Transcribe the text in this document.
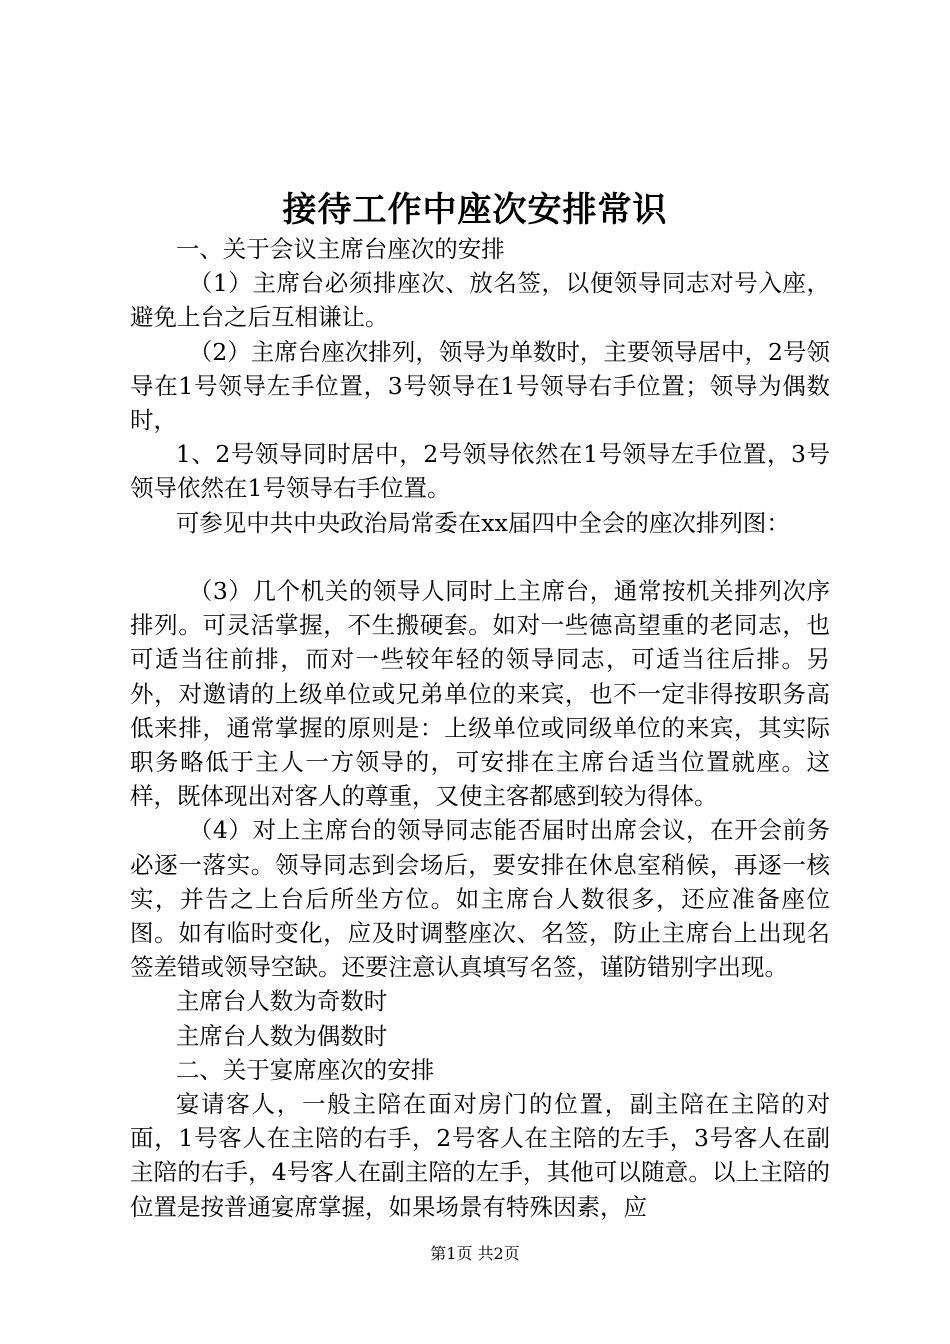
接待工作中座次安排常识

一、关于会议主席台座次的安排

（1）主席台必须排座次、放名签，以便领导同志对号入座，避免上台之后互相谦让。

（2）主席台座次排列，领导为单数时，主要领导居中，2号领导在1号领导左手位置，3号领导在1号领导右手位置；领导为偶数时，

1、2号领导同时居中，2号领导依然在1号领导左手位置，3号领导依然在1号领导右手位置。

可参见中共中央政治局常委在xx届四中全会的座次排列图：

（3）几个机关的领导人同时上主席台，通常按机关排列次序排列。可灵活掌握，不生搬硬套。如对一些德高望重的老同志，也可适当往前排，而对一些较年轻的领导同志，可适当往后排。另外，对邀请的上级单位或兄弟单位的来宾，也不一定非得按职务高低来排，通常掌握的原则是：上级单位或同级单位的来宾，其实际职务略低于主人一方领导的，可安排在主席台适当位置就座。这样，既体现出对客人的尊重，又使主客都感到较为得体。

（4）对上主席台的领导同志能否届时出席会议，在开会前务必逐一落实。领导同志到会场后，要安排在休息室稍候，再逐一核实，并告之上台后所坐方位。如主席台人数很多，还应准备座位图。如有临时变化，应及时调整座次、名签，防止主席台上出现名签差错或领导空缺。还要注意认真填写名签，谨防错别字出现。

主席台人数为奇数时

主席台人数为偶数时

二、关于宴席座次的安排

宴请客人，一般主陪在面对房门的位置，副主陪在主陪的对面，1号客人在主陪的右手，2号客人在主陪的左手，3号客人在副主陪的右手，4号客人在副主陪的左手，其他可以随意。以上主陪的位置是按普通宴席掌握，如果场景有特殊因素，应

第1页 共2页
